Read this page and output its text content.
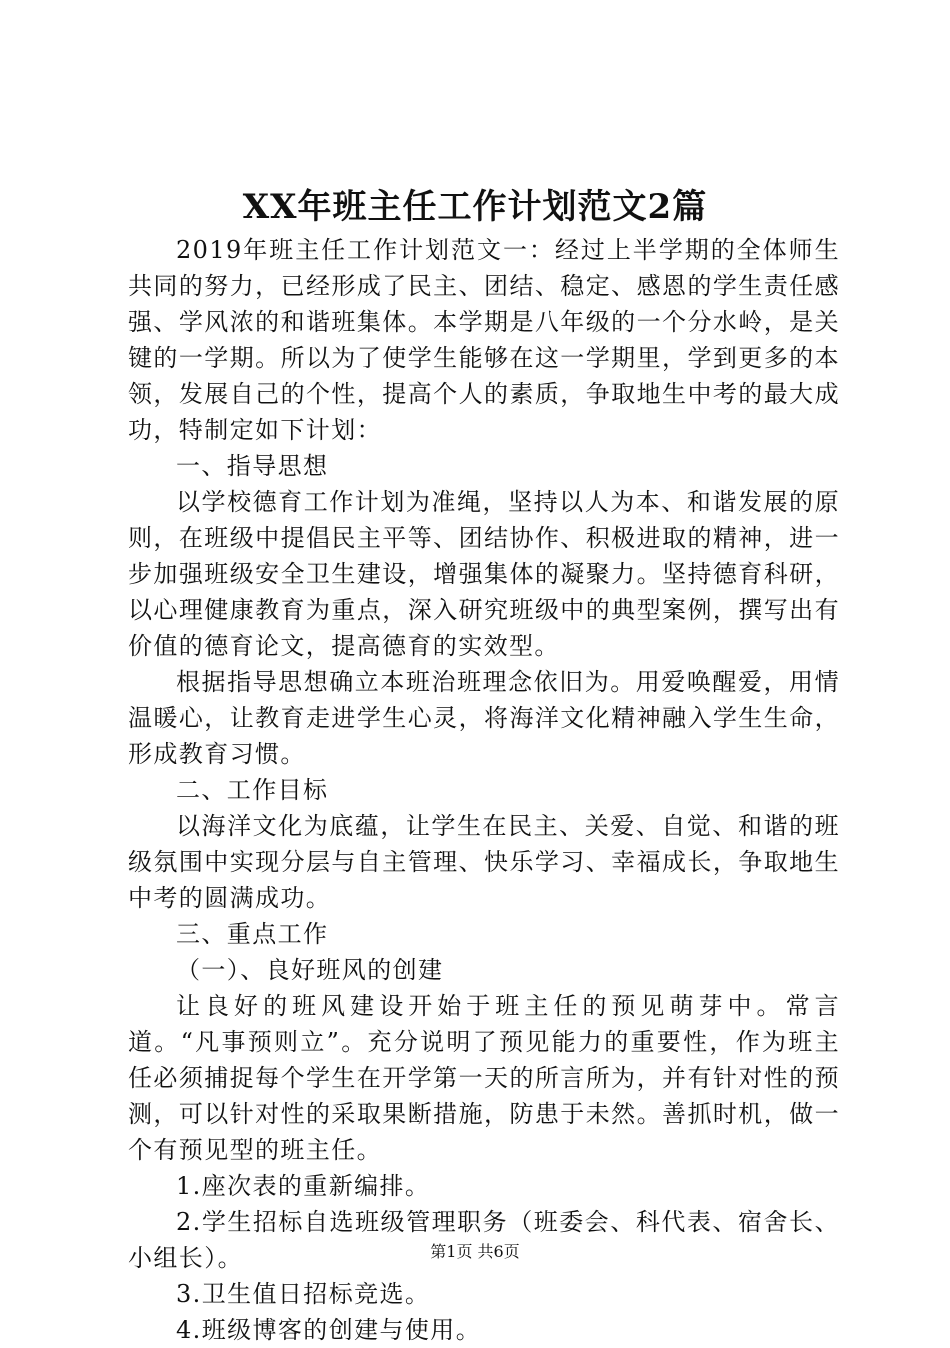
XX年班主任工作计划范文2篇

2019年班主任工作计划范文一：经过上半学期的全体师生共同的努力，已经形成了民主、团结、稳定、感恩的学生责任感强、学风浓的和谐班集体。本学期是八年级的一个分水岭，是关键的一学期。所以为了使学生能够在这一学期里，学到更多的本领，发展自己的个性，提高个人的素质，争取地生中考的最大成功，特制定如下计划：

一、指导思想

以学校德育工作计划为准绳，坚持以人为本、和谐发展的原则，在班级中提倡民主平等、团结协作、积极进取的精神，进一步加强班级安全卫生建设，增强集体的凝聚力。坚持德育科研，以心理健康教育为重点，深入研究班级中的典型案例，撰写出有价值的德育论文，提高德育的实效型。

根据指导思想确立本班治班理念依旧为。用爱唤醒爱，用情温暖心，让教育走进学生心灵，将海洋文化精神融入学生生命，形成教育习惯。

二、工作目标

以海洋文化为底蕴，让学生在民主、关爱、自觉、和谐的班级氛围中实现分层与自主管理、快乐学习、幸福成长，争取地生中考的圆满成功。

三、重点工作

（一）、良好班风的创建

让良好的班风建设开始于班主任的预见萌芽中。常言道。“凡事预则立”。充分说明了预见能力的重要性，作为班主任必须捕捉每个学生在开学第一天的所言所为，并有针对性的预测，可以针对性的采取果断措施，防患于未然。善抓时机，做一个有预见型的班主任。

1.座次表的重新编排。

2.学生招标自选班级管理职务（班委会、科代表、宿舍长、小组长）。

3.卫生值日招标竞选。

4.班级博客的创建与使用。

第1页 共6页
